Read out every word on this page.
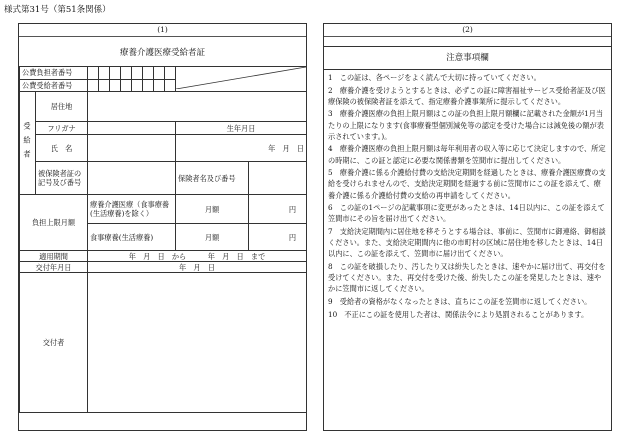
様式第31号（第51条関係）
(1)
療養介護医療受給者証
公費負担者番号									
公費受給者番号											
受給者	居住地										
	フリガナ									生年月日	
	氏　名									年　月　日	
	被保険者証の記号及び番号									保険者名及び番号	
負担上限月額		療養介護医療（食事療養(生活療養)を除く）								月額	円
		食事療養(生活療養)								月額	円
適用期間		年　月　日　から　　　年　月　日　まで									
交付年月日		年　月　日									
交付者											
(2)
注意事項欄
1　この証は、各ページをよく読んで大切に持っていてください。
2　療養介護を受けようとするときは、必ずこの証に障害福祉サービス受給者証及び医療保険の被保険者証を添えて、指定療養介護事業所に提示してください。
3　療養介護医療の負担上限月額はこの証の負担上限月額欄に記載された金額が1月当たりの上限になります(食事療養型個別減免等の認定を受けた場合には減免後の額が表示されています。)。
4　療養介護医療の負担上限月額は毎年利用者の収入等に応じて決定しますので、所定の時期に、この証と認定に必要な関係書類を笠間市に提出してください。
5　療養介護に係る介護給付費の支給決定期間を経過したときは、療養介護医療費の支給を受けられませんので、支給決定期間を経過する前に笠間市にこの証を添えて、療養介護に係る介護給付費の支給の再申請をしてください。
6　この証の1ページの記載事項に変更があったときは、14日以内に、この証を添えて笠間市にその旨を届け出てください。
7　支給決定期間内に居住地を移そうとする場合は、事前に、笠間市に御連絡、御相談ください。また、支給決定期間内に他の市町村の区域に居住地を移したときは、14日以内に、この証を添えて、笠間市に届け出てください。
8　この証を破損したり、汚したり又は紛失したときは、速やかに届け出て、再交付を受けてください。また、再交付を受けた後、紛失したこの証を発見したときは、速やかに笠間市に返してください。
9　受給者の資格がなくなったときは、直ちにこの証を笠間市に返してください。
10　不正にこの証を使用した者は、関係法令により処罰されることがあります。
